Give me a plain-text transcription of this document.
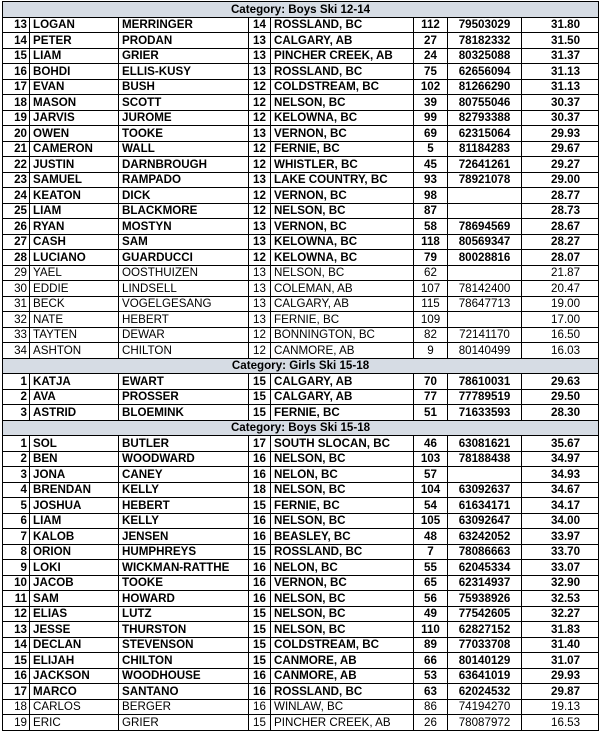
Category: Boys Ski 12-14							
13	LOGAN	MERRINGER	14	ROSSLAND, BC	112	79503029	31.80
14	PETER	PRODAN	13	CALGARY, AB	27	78182332	31.50
15	LIAM	GRIER	13	PINCHER CREEK, AB	24	80325088	31.37
16	BOHDI	ELLIS-KUSY	13	ROSSLAND, BC	75	62656094	31.13
17	EVAN	BUSH	12	COLDSTREAM, BC	102	81266290	31.13
18	MASON	SCOTT	12	NELSON, BC	39	80755046	30.37
19	JARVIS	JUROME	12	KELOWNA, BC	99	82793388	30.37
20	OWEN	TOOKE	13	VERNON, BC	69	62315064	29.93
21	CAMERON	WALL	12	FERNIE, BC	5	81184283	29.67
22	JUSTIN	DARNBROUGH	12	WHISTLER, BC	45	72641261	29.27
23	SAMUEL	RAMPADO	13	LAKE COUNTRY, BC	93	78921078	29.00
24	KEATON	DICK	12	VERNON, BC	98		28.77
25	LIAM	BLACKMORE	12	NELSON, BC	87		28.73
26	RYAN	MOSTYN	13	VERNON, BC	58	78694569	28.67
27	CASH	SAM	13	KELOWNA, BC	118	80569347	28.27
28	LUCIANO	GUARDUCCI	12	KELOWNA, BC	79	80028816	28.07
29	YAEL	OOSTHUIZEN	13	NELSON, BC	62		21.87
30	EDDIE	LINDSELL	13	COLEMAN, AB	107	78142400	20.47
31	BECK	VOGELGESANG	13	CALGARY, AB	115	78647713	19.00
32	NATE	HEBERT	13	FERNIE, BC	109		17.00
33	TAYTEN	DEWAR	12	BONNINGTON, BC	82	72141170	16.50
34	ASHTON	CHILTON	12	CANMORE, AB	9	80140499	16.03
Category: Girls Ski 15-18							
1	KATJA	EWART	15	CALGARY, AB	70	78610031	29.63
2	AVA	PROSSER	15	CALGARY, AB	77	77789519	29.50
3	ASTRID	BLOEMINK	15	FERNIE, BC	51	71633593	28.30
Category: Boys Ski 15-18							
1	SOL	BUTLER	17	SOUTH SLOCAN, BC	46	63081621	35.67
2	BEN	WOODWARD	16	NELSON, BC	103	78188438	34.97
3	JONA	CANEY	16	NELON, BC	57		34.93
4	BRENDAN	KELLY	18	NELSON, BC	104	63092637	34.67
5	JOSHUA	HEBERT	15	FERNIE, BC	54	61634171	34.17
6	LIAM	KELLY	16	NELSON, BC	105	63092647	34.00
7	KALOB	JENSEN	16	BEASLEY, BC	48	63242052	33.97
8	ORION	HUMPHREYS	15	ROSSLAND, BC	7	78086663	33.70
9	LOKI	WICKMAN-RATTHE	16	NELON, BC	55	62045334	33.07
10	JACOB	TOOKE	16	VERNON, BC	65	62314937	32.90
11	SAM	HOWARD	16	NELSON, BC	56	75938926	32.53
12	ELIAS	LUTZ	15	NELSON, BC	49	77542605	32.27
13	JESSE	THURSTON	15	NELSON, BC	110	62827152	31.83
14	DECLAN	STEVENSON	15	COLDSTREAM, BC	89	77033708	31.40
15	ELIJAH	CHILTON	15	CANMORE, AB	66	80140129	31.07
16	JACKSON	WOODHOUSE	16	CANMORE, AB	53	63641019	29.93
17	MARCO	SANTANO	16	ROSSLAND, BC	63	62024532	29.87
18	CARLOS	BERGER	16	WINLAW, BC	86	74194270	19.13
19	ERIC	GRIER	15	PINCHER CREEK, AB	26	78087972	16.53
